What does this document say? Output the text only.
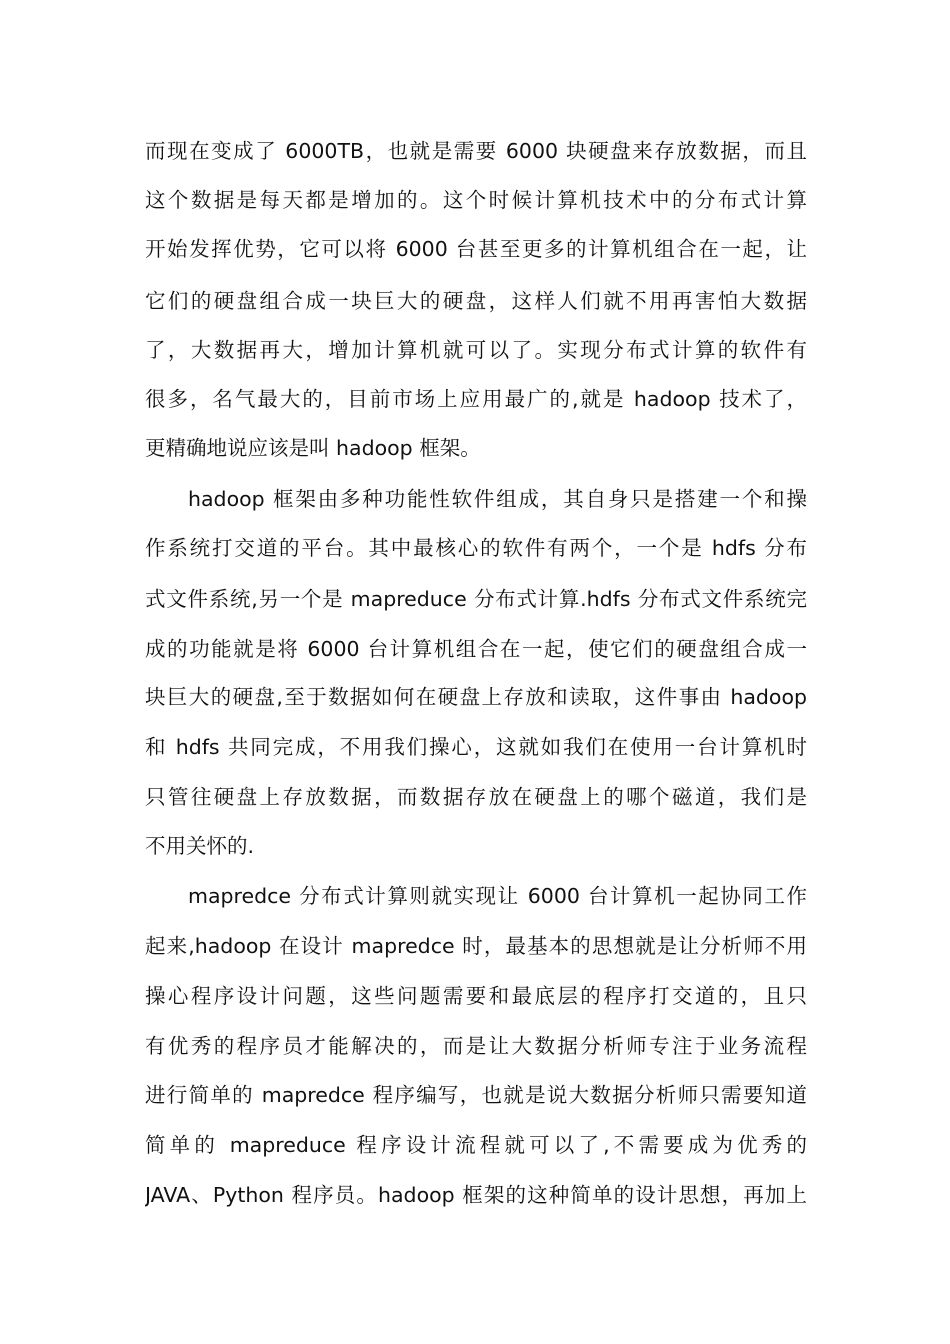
而现在变成了 6000TB，也就是需要 6000 块硬盘来存放数据，而且
这个数据是每天都是增加的。这个时候计算机技术中的分布式计算
开始发挥优势，它可以将 6000 台甚至更多的计算机组合在一起，让
它们的硬盘组合成一块巨大的硬盘，这样人们就不用再害怕大数据
了，大数据再大，增加计算机就可以了。实现分布式计算的软件有
很多，名气最大的，目前市场上应用最广的,就是 hadoop 技术了，
更精确地说应该是叫 hadoop 框架。
hadoop 框架由多种功能性软件组成，其自身只是搭建一个和操
作系统打交道的平台。其中最核心的软件有两个，一个是 hdfs 分布
式文件系统,另一个是 mapreduce 分布式计算.hdfs 分布式文件系统完
成的功能就是将 6000 台计算机组合在一起，使它们的硬盘组合成一
块巨大的硬盘,至于数据如何在硬盘上存放和读取，这件事由 hadoop
和 hdfs 共同完成，不用我们操心，这就如我们在使用一台计算机时
只管往硬盘上存放数据，而数据存放在硬盘上的哪个磁道，我们是
不用关怀的.
mapredce 分布式计算则就实现让 6000 台计算机一起协同工作
起来,hadoop 在设计 mapredce 时，最基本的思想就是让分析师不用
操心程序设计问题，这些问题需要和最底层的程序打交道的，且只
有优秀的程序员才能解决的，而是让大数据分析师专注于业务流程
进行简单的 mapredce 程序编写，也就是说大数据分析师只需要知道
简单的 mapreduce 程序设计流程就可以了,不需要成为优秀的
JAVA、Python 程序员。hadoop 框架的这种简单的设计思想，再加上
